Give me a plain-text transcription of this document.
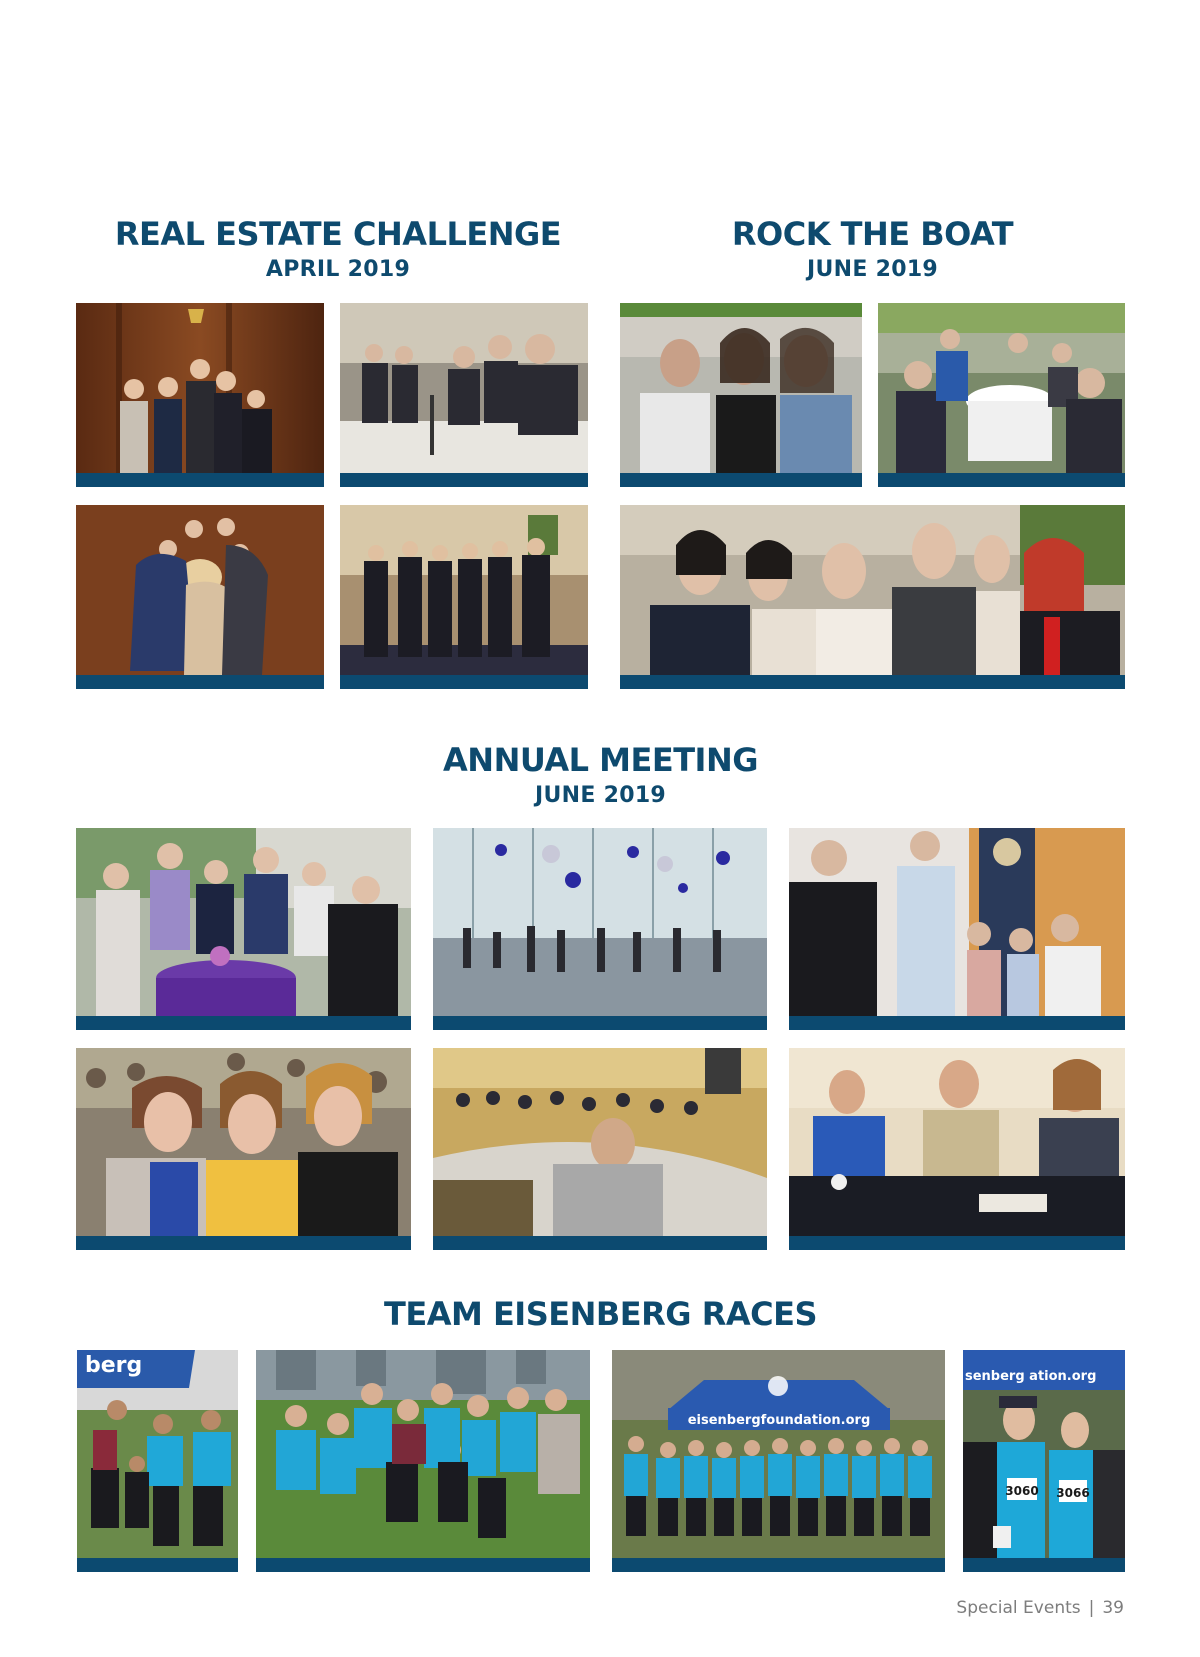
REAL ESTATE CHALLENGE
APRIL 2019
ROCK THE BOAT
JUNE 2019
ANNUAL MEETING
JUNE 2019
TEAM EISENBERG RACES
berg
eisenbergfoundation.org
senberg ation.org
3060 3066
Special Events | 39
